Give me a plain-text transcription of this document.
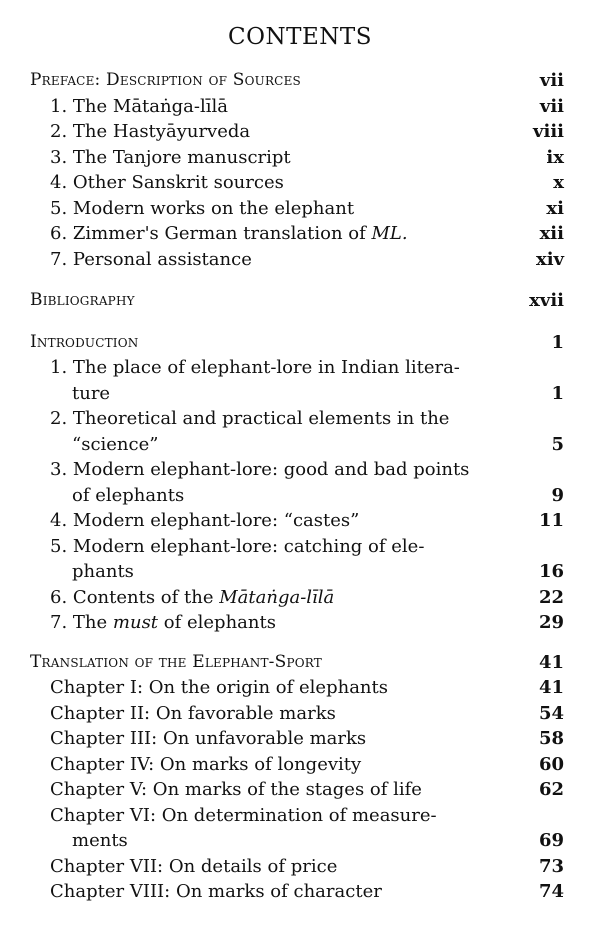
CONTENTS
Preface: Description of Sources	vii
1. The Mātaṅga-līlā	vii
2. The Hastyāyurveda	viii
3. The Tanjore manuscript	ix
4. Other Sanskrit sources	x
5. Modern works on the elephant	xi
6. Zimmer's German translation of ML.	xii
7. Personal assistance	xiv
Bibliography	xvii
Introduction	1
1. The place of elephant-lore in Indian litera-
ture	1
2. Theoretical and practical elements in the
“science”	5
3. Modern elephant-lore: good and bad points
of elephants	9
4. Modern elephant-lore: “castes”	11
5. Modern elephant-lore: catching of ele-
phants	16
6. Contents of the Mātaṅga-līlā	22
7. The must of elephants	29
Translation of the Elephant-Sport	41
Chapter I: On the origin of elephants	41
Chapter II: On favorable marks	54
Chapter III: On unfavorable marks	58
Chapter IV: On marks of longevity	60
Chapter V: On marks of the stages of life	62
Chapter VI: On determination of measure-
ments	69
Chapter VII: On details of price	73
Chapter VIII: On marks of character	74
